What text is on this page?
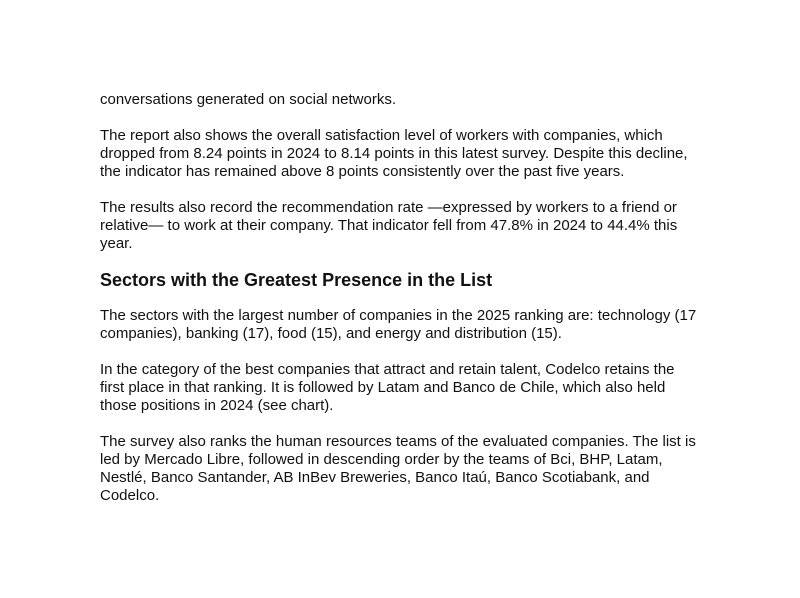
conversations generated on social networks.

The report also shows the overall satisfaction level of workers with companies, which dropped from 8.24 points in 2024 to 8.14 points in this latest survey. Despite this decline, the indicator has remained above 8 points consistently over the past five years.

The results also record the recommendation rate —expressed by workers to a friend or relative— to work at their company. That indicator fell from 47.8% in 2024 to 44.4% this year.

Sectors with the Greatest Presence in the List

The sectors with the largest number of companies in the 2025 ranking are: technology (17 companies), banking (17), food (15), and energy and distribution (15).

In the category of the best companies that attract and retain talent, Codelco retains the first place in that ranking. It is followed by Latam and Banco de Chile, which also held those positions in 2024 (see chart).

The survey also ranks the human resources teams of the evaluated companies. The list is led by Mercado Libre, followed in descending order by the teams of Bci, BHP, Latam, Nestlé, Banco Santander, AB InBev Breweries, Banco Itaú, Banco Scotiabank, and Codelco.
